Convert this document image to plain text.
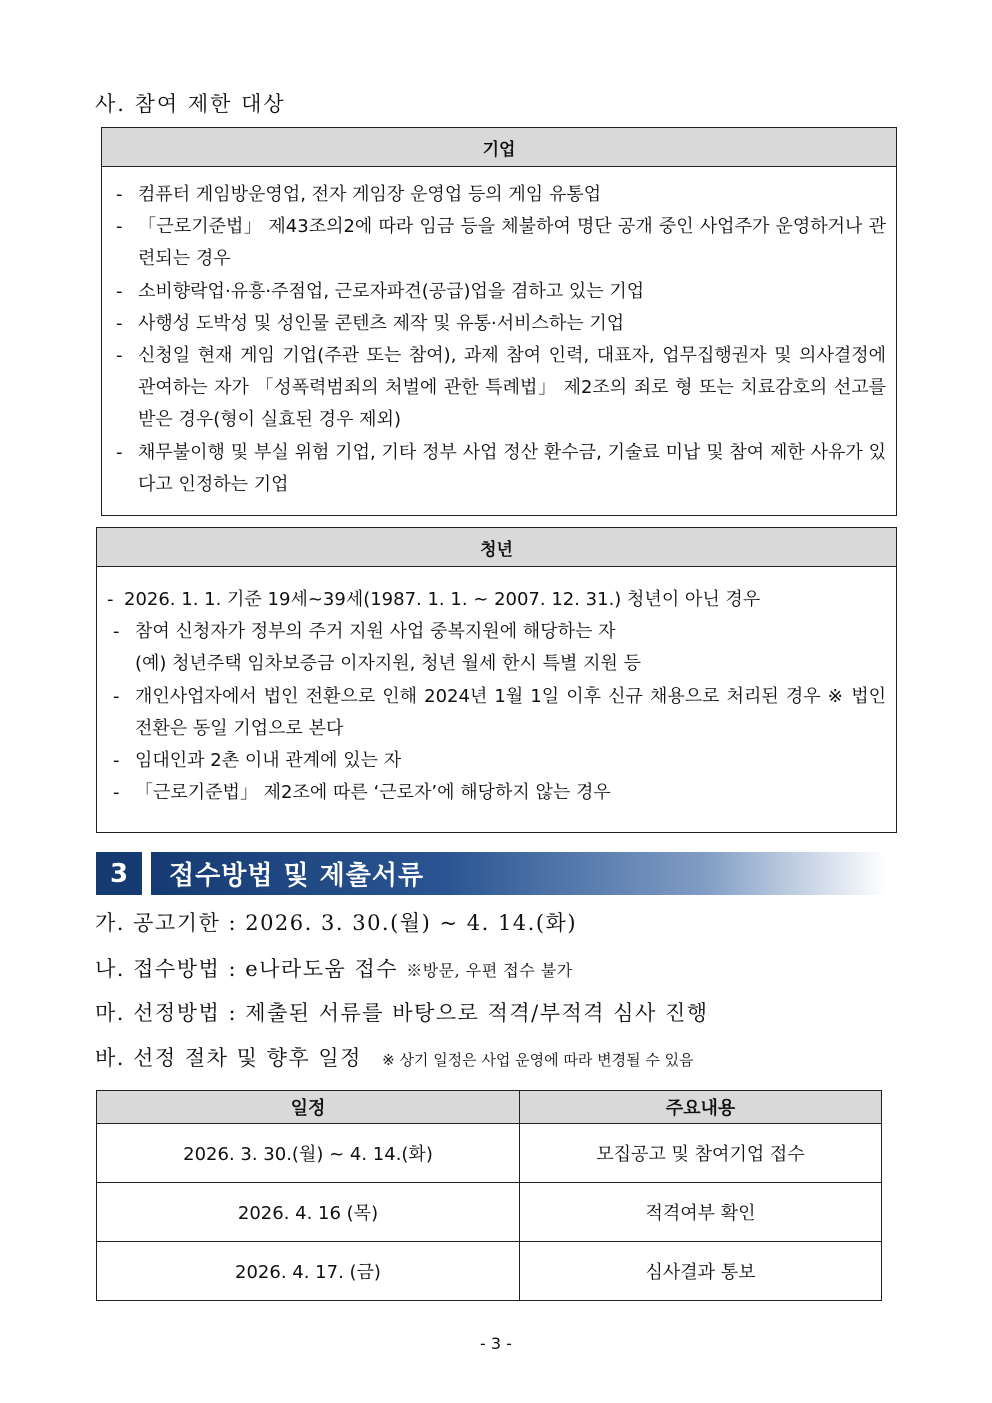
사. 참여 제한 대상
기업
- 컴퓨터 게임방운영업, 전자 게임장 운영업 등의 게임 유통업
- 「근로기준법」 제43조의2에 따라 임금 등을 체불하여 명단 공개 중인 사업주가 운영하거나 관련되는 경우
- 소비향락업·유흥·주점업, 근로자파견(공급)업을 겸하고 있는 기업
- 사행성 도박성 및 성인물 콘텐츠 제작 및 유통·서비스하는 기업
- 신청일 현재 게임 기업(주관 또는 참여), 과제 참여 인력, 대표자, 업무집행권자 및 의사결정에 관여하는 자가 「성폭력범죄의 처벌에 관한 특례법」 제2조의 죄로 형 또는 치료감호의 선고를 받은 경우(형이 실효된 경우 제외)
- 채무불이행 및 부실 위험 기업, 기타 정부 사업 정산 환수금, 기술료 미납 및 참여 제한 사유가 있다고 인정하는 기업
청년
- 2026. 1. 1. 기준 19세~39세(1987. 1. 1. ~ 2007. 12. 31.) 청년이 아닌 경우
- 참여 신청자가 정부의 주거 지원 사업 중복지원에 해당하는 자
(예) 청년주택 임차보증금 이자지원, 청년 월세 한시 특별 지원 등
- 개인사업자에서 법인 전환으로 인해 2024년 1월 1일 이후 신규 채용으로 처리된 경우 ※ 법인 전환은 동일 기업으로 본다
- 임대인과 2촌 이내 관계에 있는 자
- 「근로기준법」 제2조에 따른 ‘근로자’에 해당하지 않는 경우
3	접수방법 및 제출서류
가. 공고기한 : 2026. 3. 30.(월) ~ 4. 14.(화)
나. 접수방법 : e나라도움 접수 ※방문, 우편 접수 불가
마. 선정방법 : 제출된 서류를 바탕으로 적격/부적격 심사 진행
바. 선정 절차 및 향후 일정 ※ 상기 일정은 사업 운영에 따라 변경될 수 있음
일정	주요내용
2026. 3. 30.(월) ~ 4. 14.(화)	모집공고 및 참여기업 접수
2026. 4. 16 (목)	적격여부 확인
2026. 4. 17. (금)	심사결과 통보
- 3 -
